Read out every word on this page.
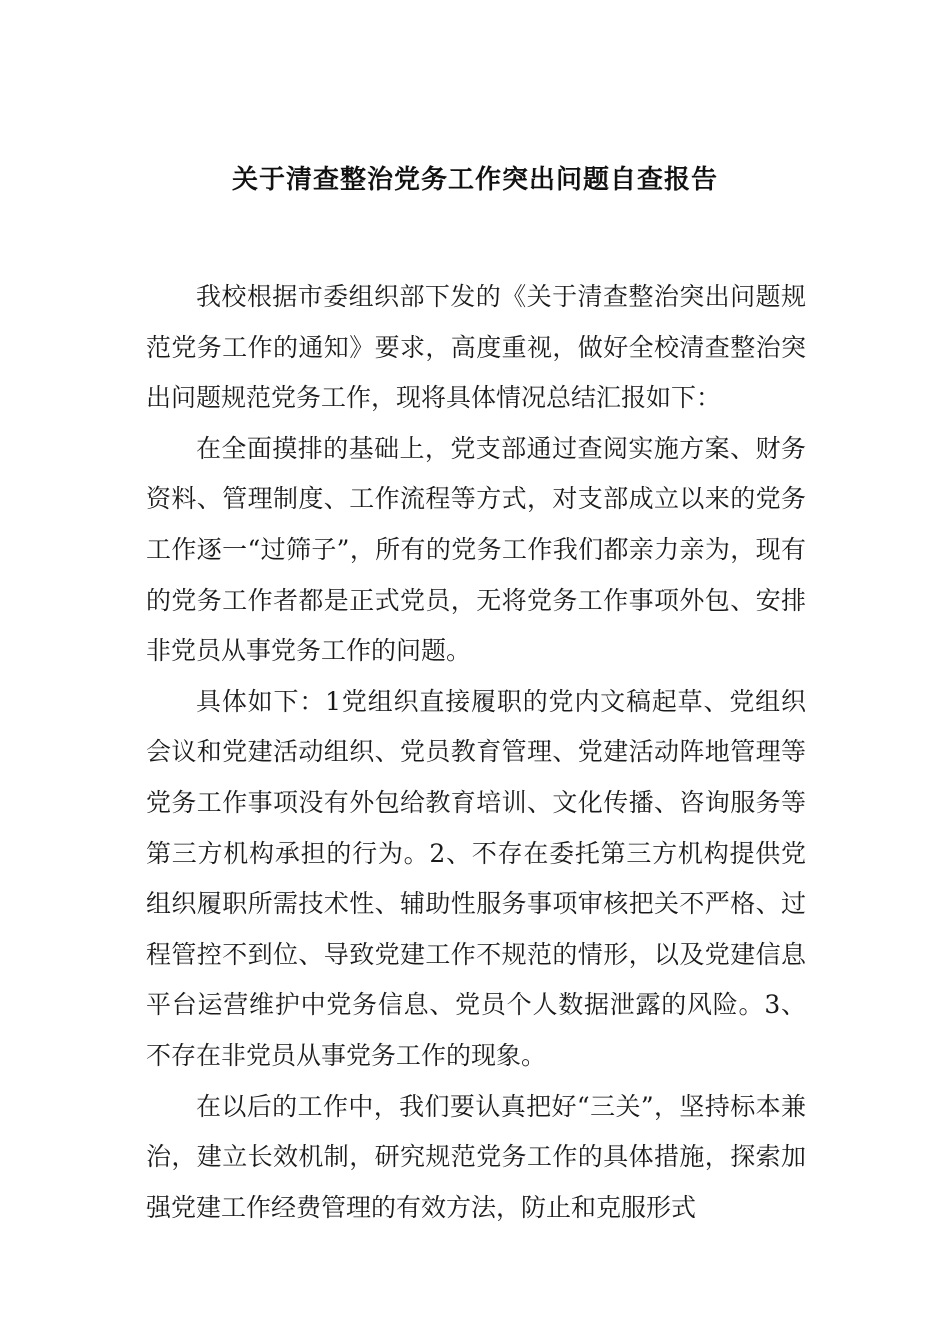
关于清查整治党务工作突出问题自查报告

我校根据市委组织部下发的《关于清查整治突出问题规范党务工作的通知》要求，高度重视，做好全校清查整治突出问题规范党务工作，现将具体情况总结汇报如下：

在全面摸排的基础上，党支部通过查阅实施方案、财务资料、管理制度、工作流程等方式，对支部成立以来的党务工作逐一“过筛子”，所有的党务工作我们都亲力亲为，现有的党务工作者都是正式党员，无将党务工作事项外包、安排非党员从事党务工作的问题。

具体如下：1党组织直接履职的党内文稿起草、党组织会议和党建活动组织、党员教育管理、党建活动阵地管理等党务工作事项没有外包给教育培训、文化传播、咨询服务等第三方机构承担的行为。2、不存在委托第三方机构提供党组织履职所需技术性、辅助性服务事项审核把关不严格、过程管控不到位、导致党建工作不规范的情形，以及党建信息平台运营维护中党务信息、党员个人数据泄露的风险。3、不存在非党员从事党务工作的现象。

在以后的工作中，我们要认真把好“三关”，坚持标本兼治，建立长效机制，研究规范党务工作的具体措施，探索加强党建工作经费管理的有效方法，防止和克服形式
